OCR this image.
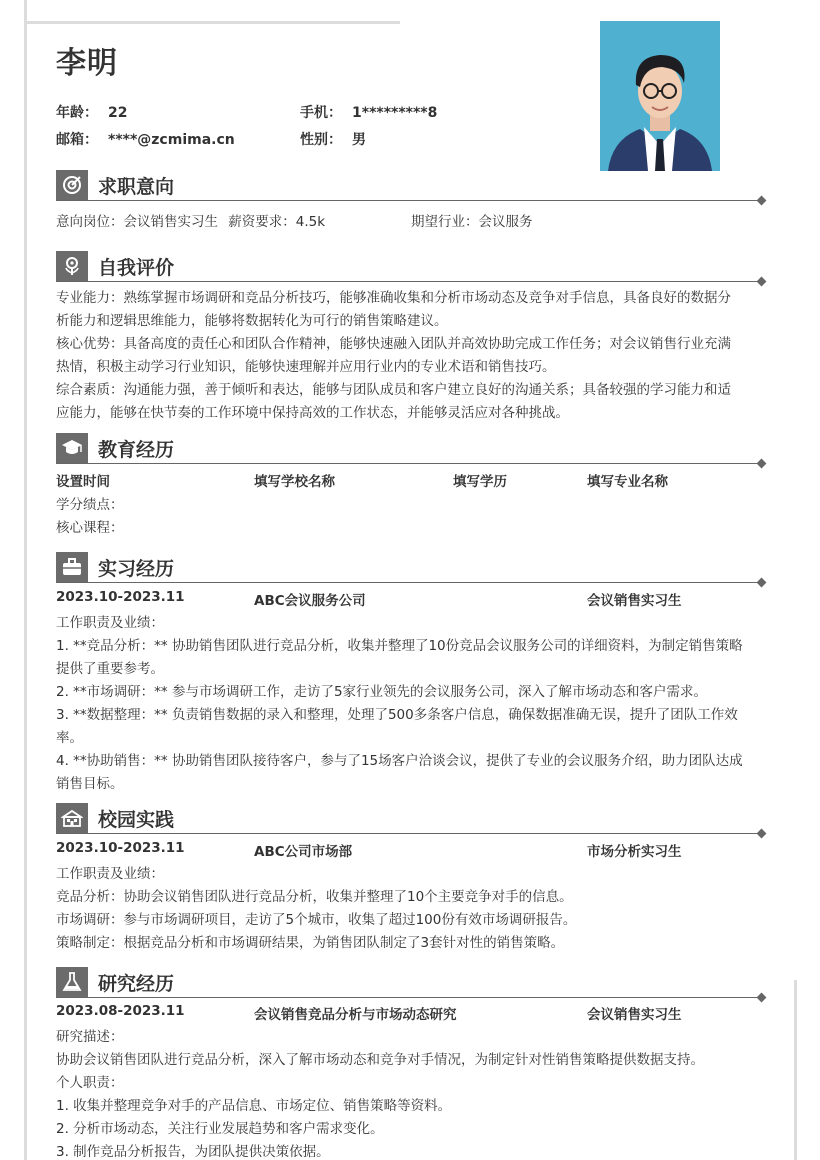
李明
年龄： 22	手机： 1*********8
邮箱： ****@zcmima.cn	性别： 男
求职意向
意向岗位：会议销售实习生 薪资要求：4.5k	期望行业：会议服务
自我评价
专业能力：熟练掌握市场调研和竞品分析技巧，能够准确收集和分析市场动态及竞争对手信息，具备良好的数据分
析能力和逻辑思维能力，能够将数据转化为可行的销售策略建议。
核心优势：具备高度的责任心和团队合作精神，能够快速融入团队并高效协助完成工作任务；对会议销售行业充满
热情，积极主动学习行业知识，能够快速理解并应用行业内的专业术语和销售技巧。
综合素质：沟通能力强，善于倾听和表达，能够与团队成员和客户建立良好的沟通关系；具备较强的学习能力和适
应能力，能够在快节奏的工作环境中保持高效的工作状态，并能够灵活应对各种挑战。
教育经历
设置时间	填写学校名称	填写学历	填写专业名称
学分绩点：
核心课程：
实习经历
2023.10-2023.11	ABC会议服务公司	会议销售实习生
工作职责及业绩：
1. **竞品分析：** 协助销售团队进行竞品分析，收集并整理了10份竞品会议服务公司的详细资料，为制定销售策略
提供了重要参考。
2. **市场调研：** 参与市场调研工作，走访了5家行业领先的会议服务公司，深入了解市场动态和客户需求。
3. **数据整理：** 负责销售数据的录入和整理，处理了500多条客户信息，确保数据准确无误，提升了团队工作效
率。
4. **协助销售：** 协助销售团队接待客户，参与了15场客户洽谈会议，提供了专业的会议服务介绍，助力团队达成
销售目标。
校园实践
2023.10-2023.11	ABC公司市场部	市场分析实习生
工作职责及业绩：
竞品分析：协助会议销售团队进行竞品分析，收集并整理了10个主要竞争对手的信息。
市场调研：参与市场调研项目，走访了5个城市，收集了超过100份有效市场调研报告。
策略制定：根据竞品分析和市场调研结果，为销售团队制定了3套针对性的销售策略。
研究经历
2023.08-2023.11	会议销售竞品分析与市场动态研究	会议销售实习生
研究描述：
协助会议销售团队进行竞品分析，深入了解市场动态和竞争对手情况，为制定针对性销售策略提供数据支持。
个人职责：
1. 收集并整理竞争对手的产品信息、市场定位、销售策略等资料。
2. 分析市场动态，关注行业发展趋势和客户需求变化。
3. 制作竞品分析报告，为团队提供决策依据。
